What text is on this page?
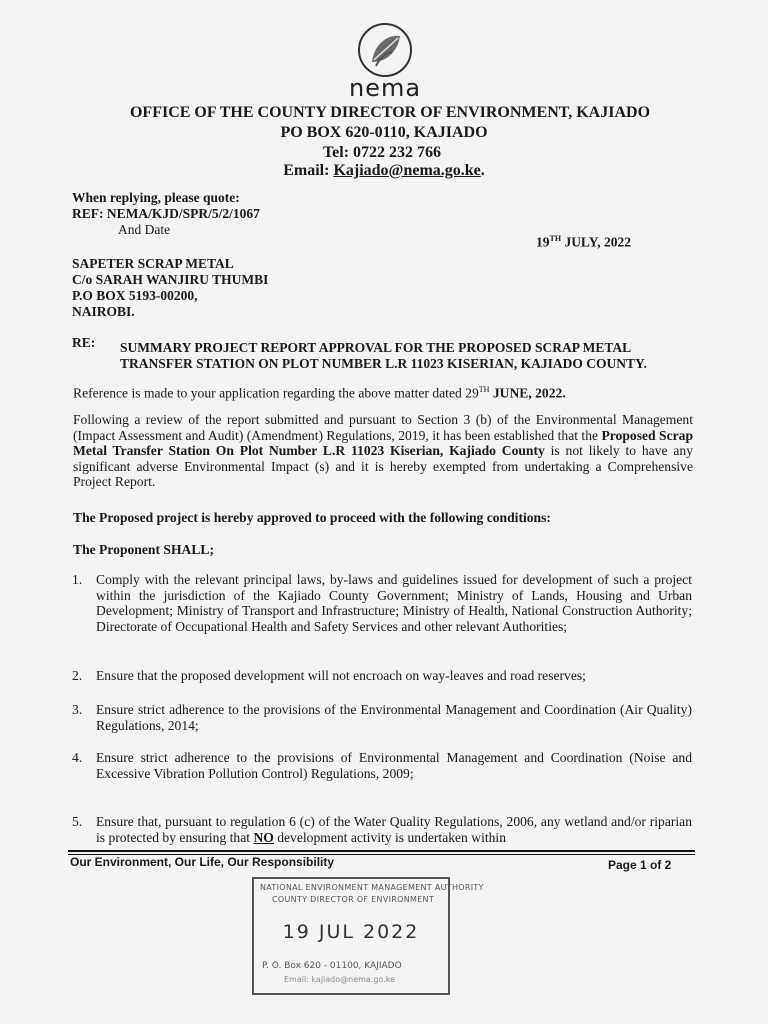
nema
OFFICE OF THE COUNTY DIRECTOR OF ENVIRONMENT, KAJIADO
PO BOX 620-0110, KAJIADO
Tel: 0722 232 766
Email: Kajiado@nema.go.ke.
When replying, please quote:
REF: NEMA/KJD/SPR/5/2/1067
And Date
19TH JULY, 2022
SAPETER SCRAP METAL
C/o SARAH WANJIRU THUMBI
P.O BOX 5193-00200,
NAIROBI.
RE: SUMMARY PROJECT REPORT APPROVAL FOR THE PROPOSED SCRAP METAL
TRANSFER STATION ON PLOT NUMBER L.R 11023 KISERIAN, KAJIADO COUNTY.
Reference is made to your application regarding the above matter dated 29TH JUNE, 2022.
Following a review of the report submitted and pursuant to Section 3 (b) of the Environmental Management (Impact Assessment and Audit) (Amendment) Regulations, 2019, it has been established that the Proposed Scrap Metal Transfer Station On Plot Number L.R 11023 Kiserian, Kajiado County is not likely to have any significant adverse Environmental Impact (s) and it is hereby exempted from undertaking a Comprehensive Project Report.
The Proposed project is hereby approved to proceed with the following conditions:
The Proponent SHALL;
1. Comply with the relevant principal laws, by-laws and guidelines issued for development of such a project within the jurisdiction of the Kajiado County Government; Ministry of Lands, Housing and Urban Development; Ministry of Transport and Infrastructure; Ministry of Health, National Construction Authority; Directorate of Occupational Health and Safety Services and other relevant Authorities;
2. Ensure that the proposed development will not encroach on way-leaves and road reserves;
3. Ensure strict adherence to the provisions of the Environmental Management and Coordination (Air Quality) Regulations, 2014;
4. Ensure strict adherence to the provisions of Environmental Management and Coordination (Noise and Excessive Vibration Pollution Control) Regulations, 2009;
5. Ensure that, pursuant to regulation 6 (c) of the Water Quality Regulations, 2006, any wetland and/or riparian is protected by ensuring that NO development activity is undertaken within
Our Environment, Our Life, Our Responsibility	Page 1 of 2
NATIONAL ENVIRONMENT MANAGEMENT AUTHORITY
COUNTY DIRECTOR OF ENVIRONMENT
19 JUL 2022
P. O. Box 620 - 01100, KAJIADO
Email: kajiado@nema.go.ke
